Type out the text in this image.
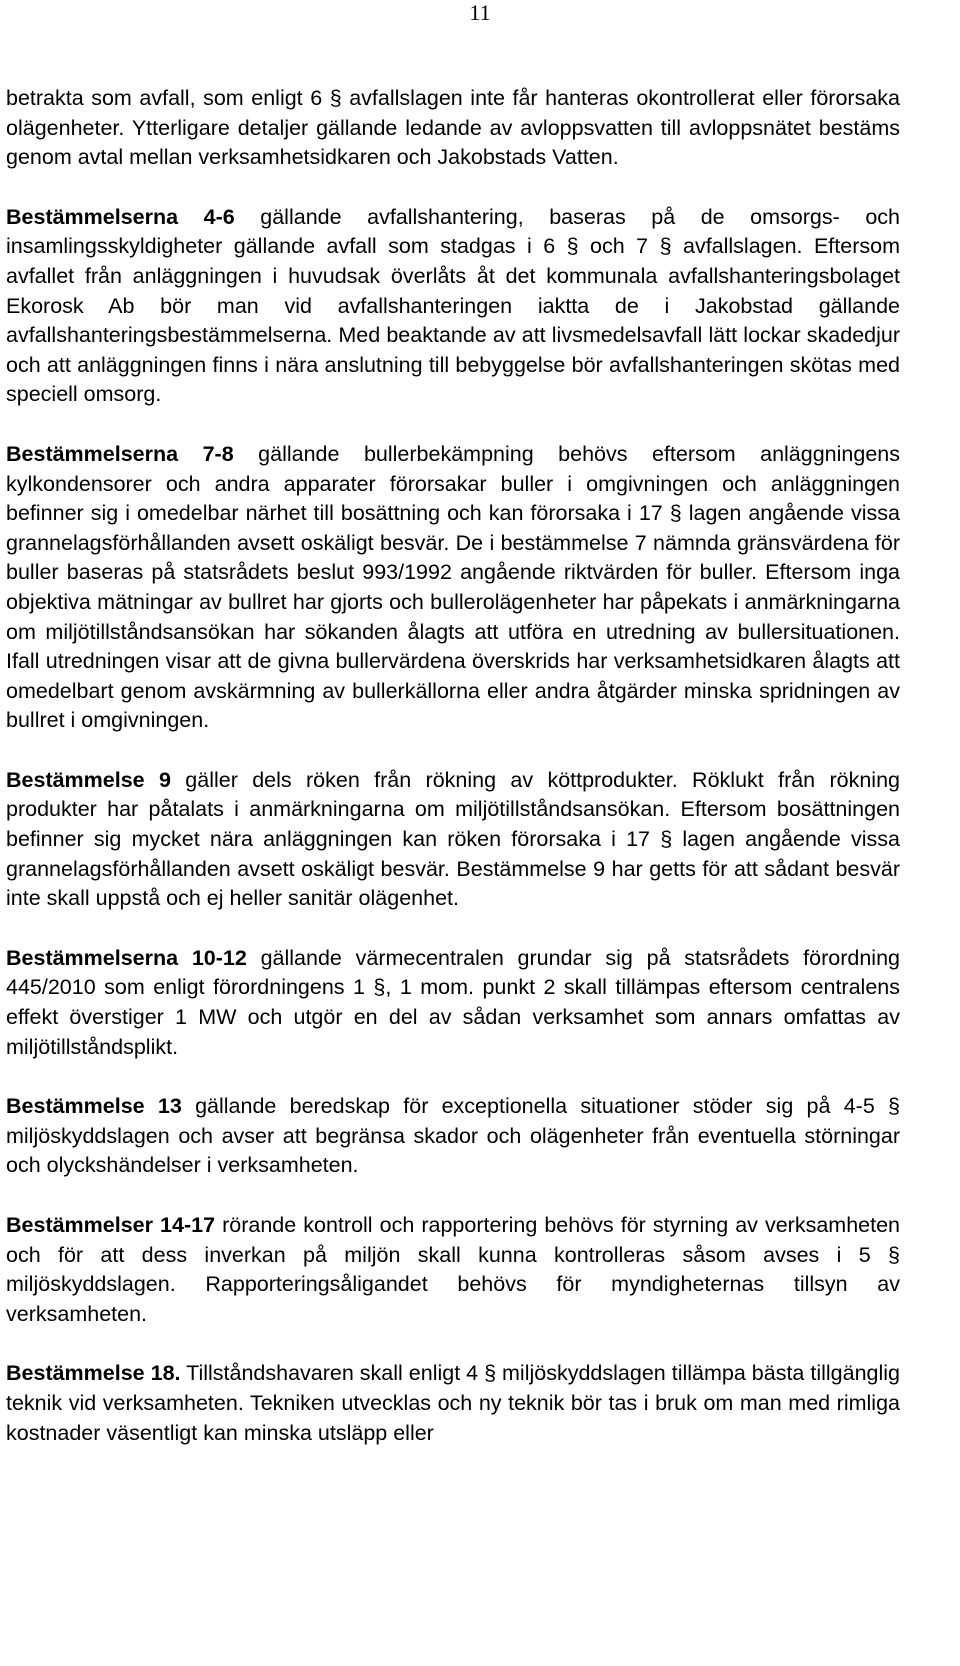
11

betrakta som avfall, som enligt 6 § avfallslagen inte får hanteras okontrollerat eller förorsaka olägenheter. Ytterligare detaljer gällande ledande av avloppsvatten till avloppsnätet bestäms genom avtal mellan verksamhetsidkaren och Jakobstads Vatten.

Bestämmelserna 4-6 gällande avfallshantering, baseras på de omsorgs- och insamlingsskyldigheter gällande avfall som stadgas i 6 § och 7 § avfallslagen. Eftersom avfallet från anläggningen i huvudsak överlåts åt det kommunala avfallshanteringsbolaget Ekorosk Ab bör man vid avfallshanteringen iaktta de i Jakobstad gällande avfallshanteringsbestämmelserna. Med beaktande av att livsmedelsavfall lätt lockar skadedjur och att anläggningen finns i nära anslutning till bebyggelse bör avfallshanteringen skötas med speciell omsorg.

Bestämmelserna 7-8 gällande bullerbekämpning behövs eftersom anläggningens kylkondensorer och andra apparater förorsakar buller i omgivningen och anläggningen befinner sig i omedelbar närhet till bosättning och kan förorsaka i 17 § lagen angående vissa grannelagsförhållanden avsett oskäligt besvär. De i bestämmelse 7 nämnda gränsvärdena för buller baseras på statsrådets beslut 993/1992 angående riktvärden för buller. Eftersom inga objektiva mätningar av bullret har gjorts och bullerolägenheter har påpekats i anmärkningarna om miljötillståndsansökan har sökanden ålagts att utföra en utredning av bullersituationen. Ifall utredningen visar att de givna bullervärdena överskrids har verksamhetsidkaren ålagts att omedelbart genom avskärmning av bullerkällorna eller andra åtgärder minska spridningen av bullret i omgivningen.

Bestämmelse 9 gäller dels röken från rökning av köttprodukter. Röklukt från rökning produkter har påtalats i anmärkningarna om miljötillståndsansökan. Eftersom bosättningen befinner sig mycket nära anläggningen kan röken förorsaka i 17 § lagen angående vissa grannelagsförhållanden avsett oskäligt besvär. Bestämmelse 9 har getts för att sådant besvär inte skall uppstå och ej heller sanitär olägenhet.

Bestämmelserna 10-12 gällande värmecentralen grundar sig på statsrådets förordning 445/2010 som enligt förordningens 1 §, 1 mom. punkt 2 skall tillämpas eftersom centralens effekt överstiger 1 MW och utgör en del av sådan verksamhet som annars omfattas av miljötillståndsplikt.

Bestämmelse 13 gällande beredskap för exceptionella situationer stöder sig på 4-5 § miljöskyddslagen och avser att begränsa skador och olägenheter från eventuella störningar och olyckshändelser i verksamheten.

Bestämmelser 14-17 rörande kontroll och rapportering behövs för styrning av verksamheten och för att dess inverkan på miljön skall kunna kontrolleras såsom avses i 5 § miljöskyddslagen. Rapporteringsåligandet behövs för myndigheternas tillsyn av verksamheten.

Bestämmelse 18. Tillståndshavaren skall enligt 4 § miljöskyddslagen tillämpa bästa tillgänglig teknik vid verksamheten. Tekniken utvecklas och ny teknik bör tas i bruk om man med rimliga kostnader väsentligt kan minska utsläpp eller
